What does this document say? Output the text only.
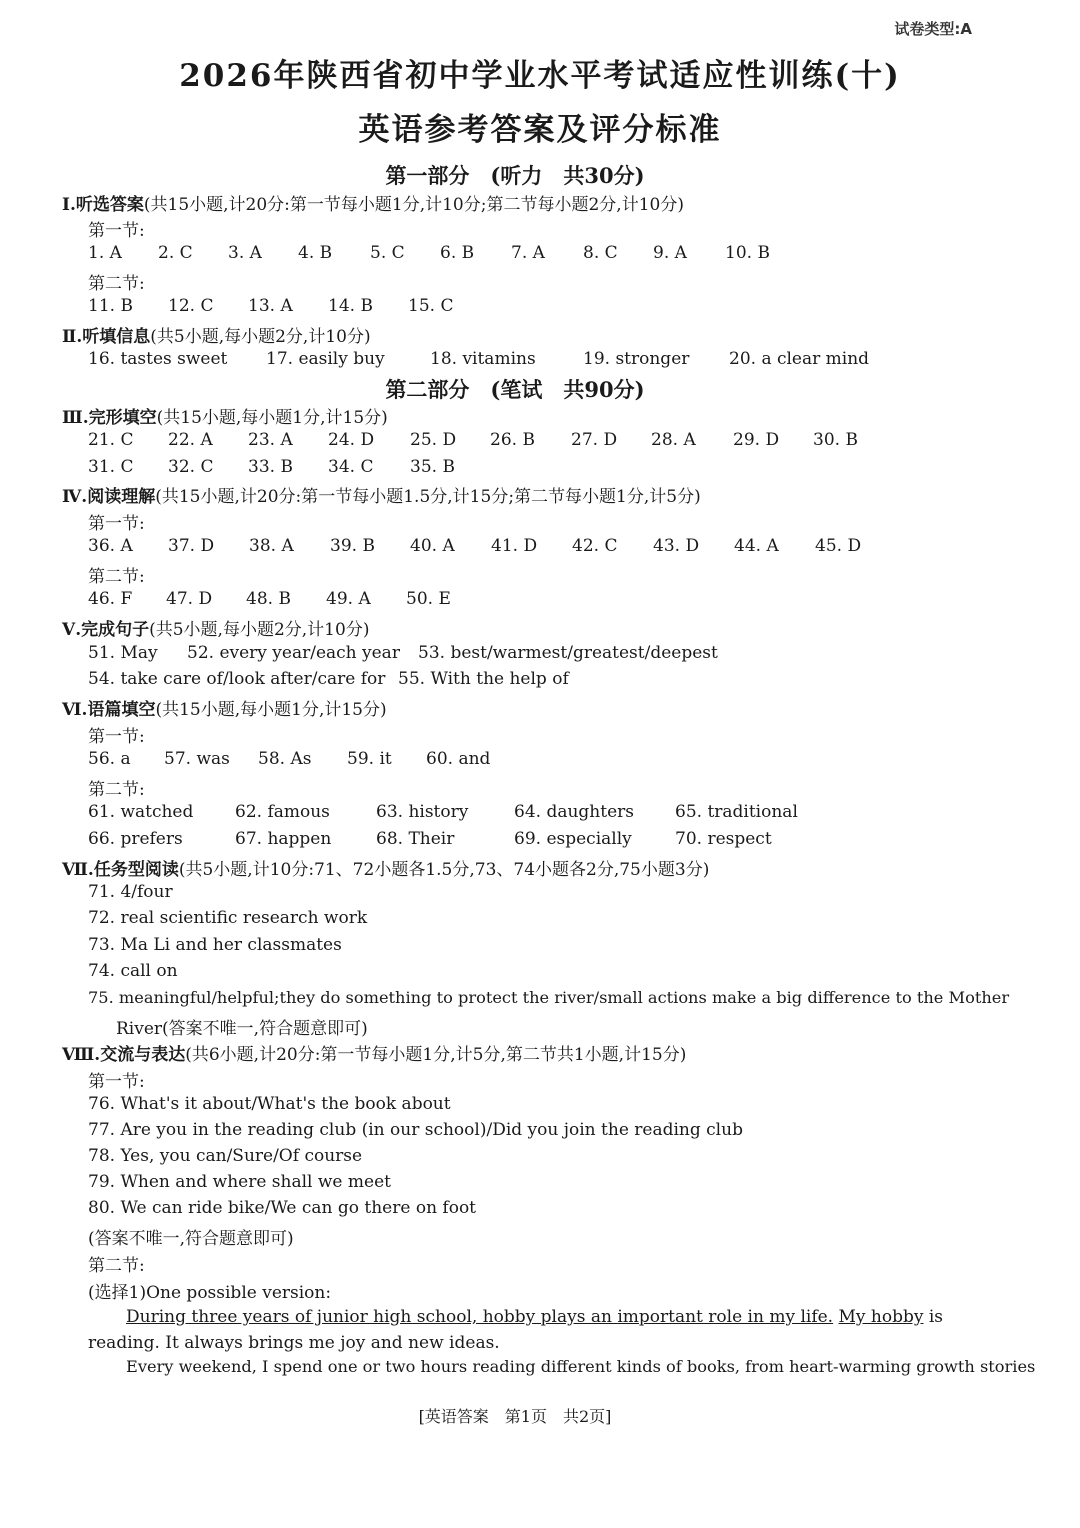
试卷类型:A
2026年陕西省初中学业水平考试适应性训练(十)
英语参考答案及评分标准
第一部分　(听力　共30分)
Ⅰ.听选答案(共15小题,计20分:第一节每小题1分,计10分;第二节每小题2分,计10分)
第一节:
1. A 2. C 3. A 4. B 5. C 6. B 7. A 8. C 9. A 10. B
第二节:
11. B 12. C 13. A 14. B 15. C
Ⅱ.听填信息(共5小题,每小题2分,计10分)
16. tastes sweet 17. easily buy	18. vitamins	19. stronger 20. a clear mind
第二部分　(笔试　共90分)
Ⅲ.完形填空(共15小题,每小题1分,计15分)
21. C 22. A 23. A 24. D 25. D 26. B 27. D 28. A 29. D 30. B
31. C 32. C 33. B 34. C 35. B
Ⅳ.阅读理解(共15小题,计20分:第一节每小题1.5分,计15分;第二节每小题1分,计5分)
第一节:
36. A 37. D 38. A 39. B 40. A 41. D 42. C 43. D 44. A 45. D
第二节:
46. F 47. D 48. B 49. A 50. E
Ⅴ.完成句子(共5小题,每小题2分,计10分)
51. May 52. every year/each year 53. best/warmest/greatest/deepest
54. take care of/look after/care for 55. With the help of
Ⅵ.语篇填空(共15小题,每小题1分,计15分)
第一节:
56. a 57. was 58. As 59. it 60. and
第二节:
61. watched 62. famous	63. history	64. daughters 65. traditional
66. prefers	67. happen	68. Their	69. especially	70. respect
Ⅶ.任务型阅读(共5小题,计10分:71、72小题各1.5分,73、74小题各2分,75小题3分)
71. 4/four
72. real scientific research work
73. Ma Li and her classmates
74. call on
75. meaningful/helpful;they do something to protect the river/small actions make a big difference to the Mother
River(答案不唯一,符合题意即可)
Ⅷ.交流与表达(共6小题,计20分:第一节每小题1分,计5分,第二节共1小题,计15分)
第一节:
76. What's it about/What's the book about
77. Are you in the reading club (in our school)/Did you join the reading club
78. Yes, you can/Sure/Of course
79. When and where shall we meet
80. We can ride bike/We can go there on foot
(答案不唯一,符合题意即可)
第二节:
(选择1)One possible version:
During three years of junior high school, hobby plays an important role in my life. My hobby is reading. It always brings me joy and new ideas.
Every weekend, I spend one or two hours reading different kinds of books, from heart-warming growth stories
[英语答案　第1页　共2页]
